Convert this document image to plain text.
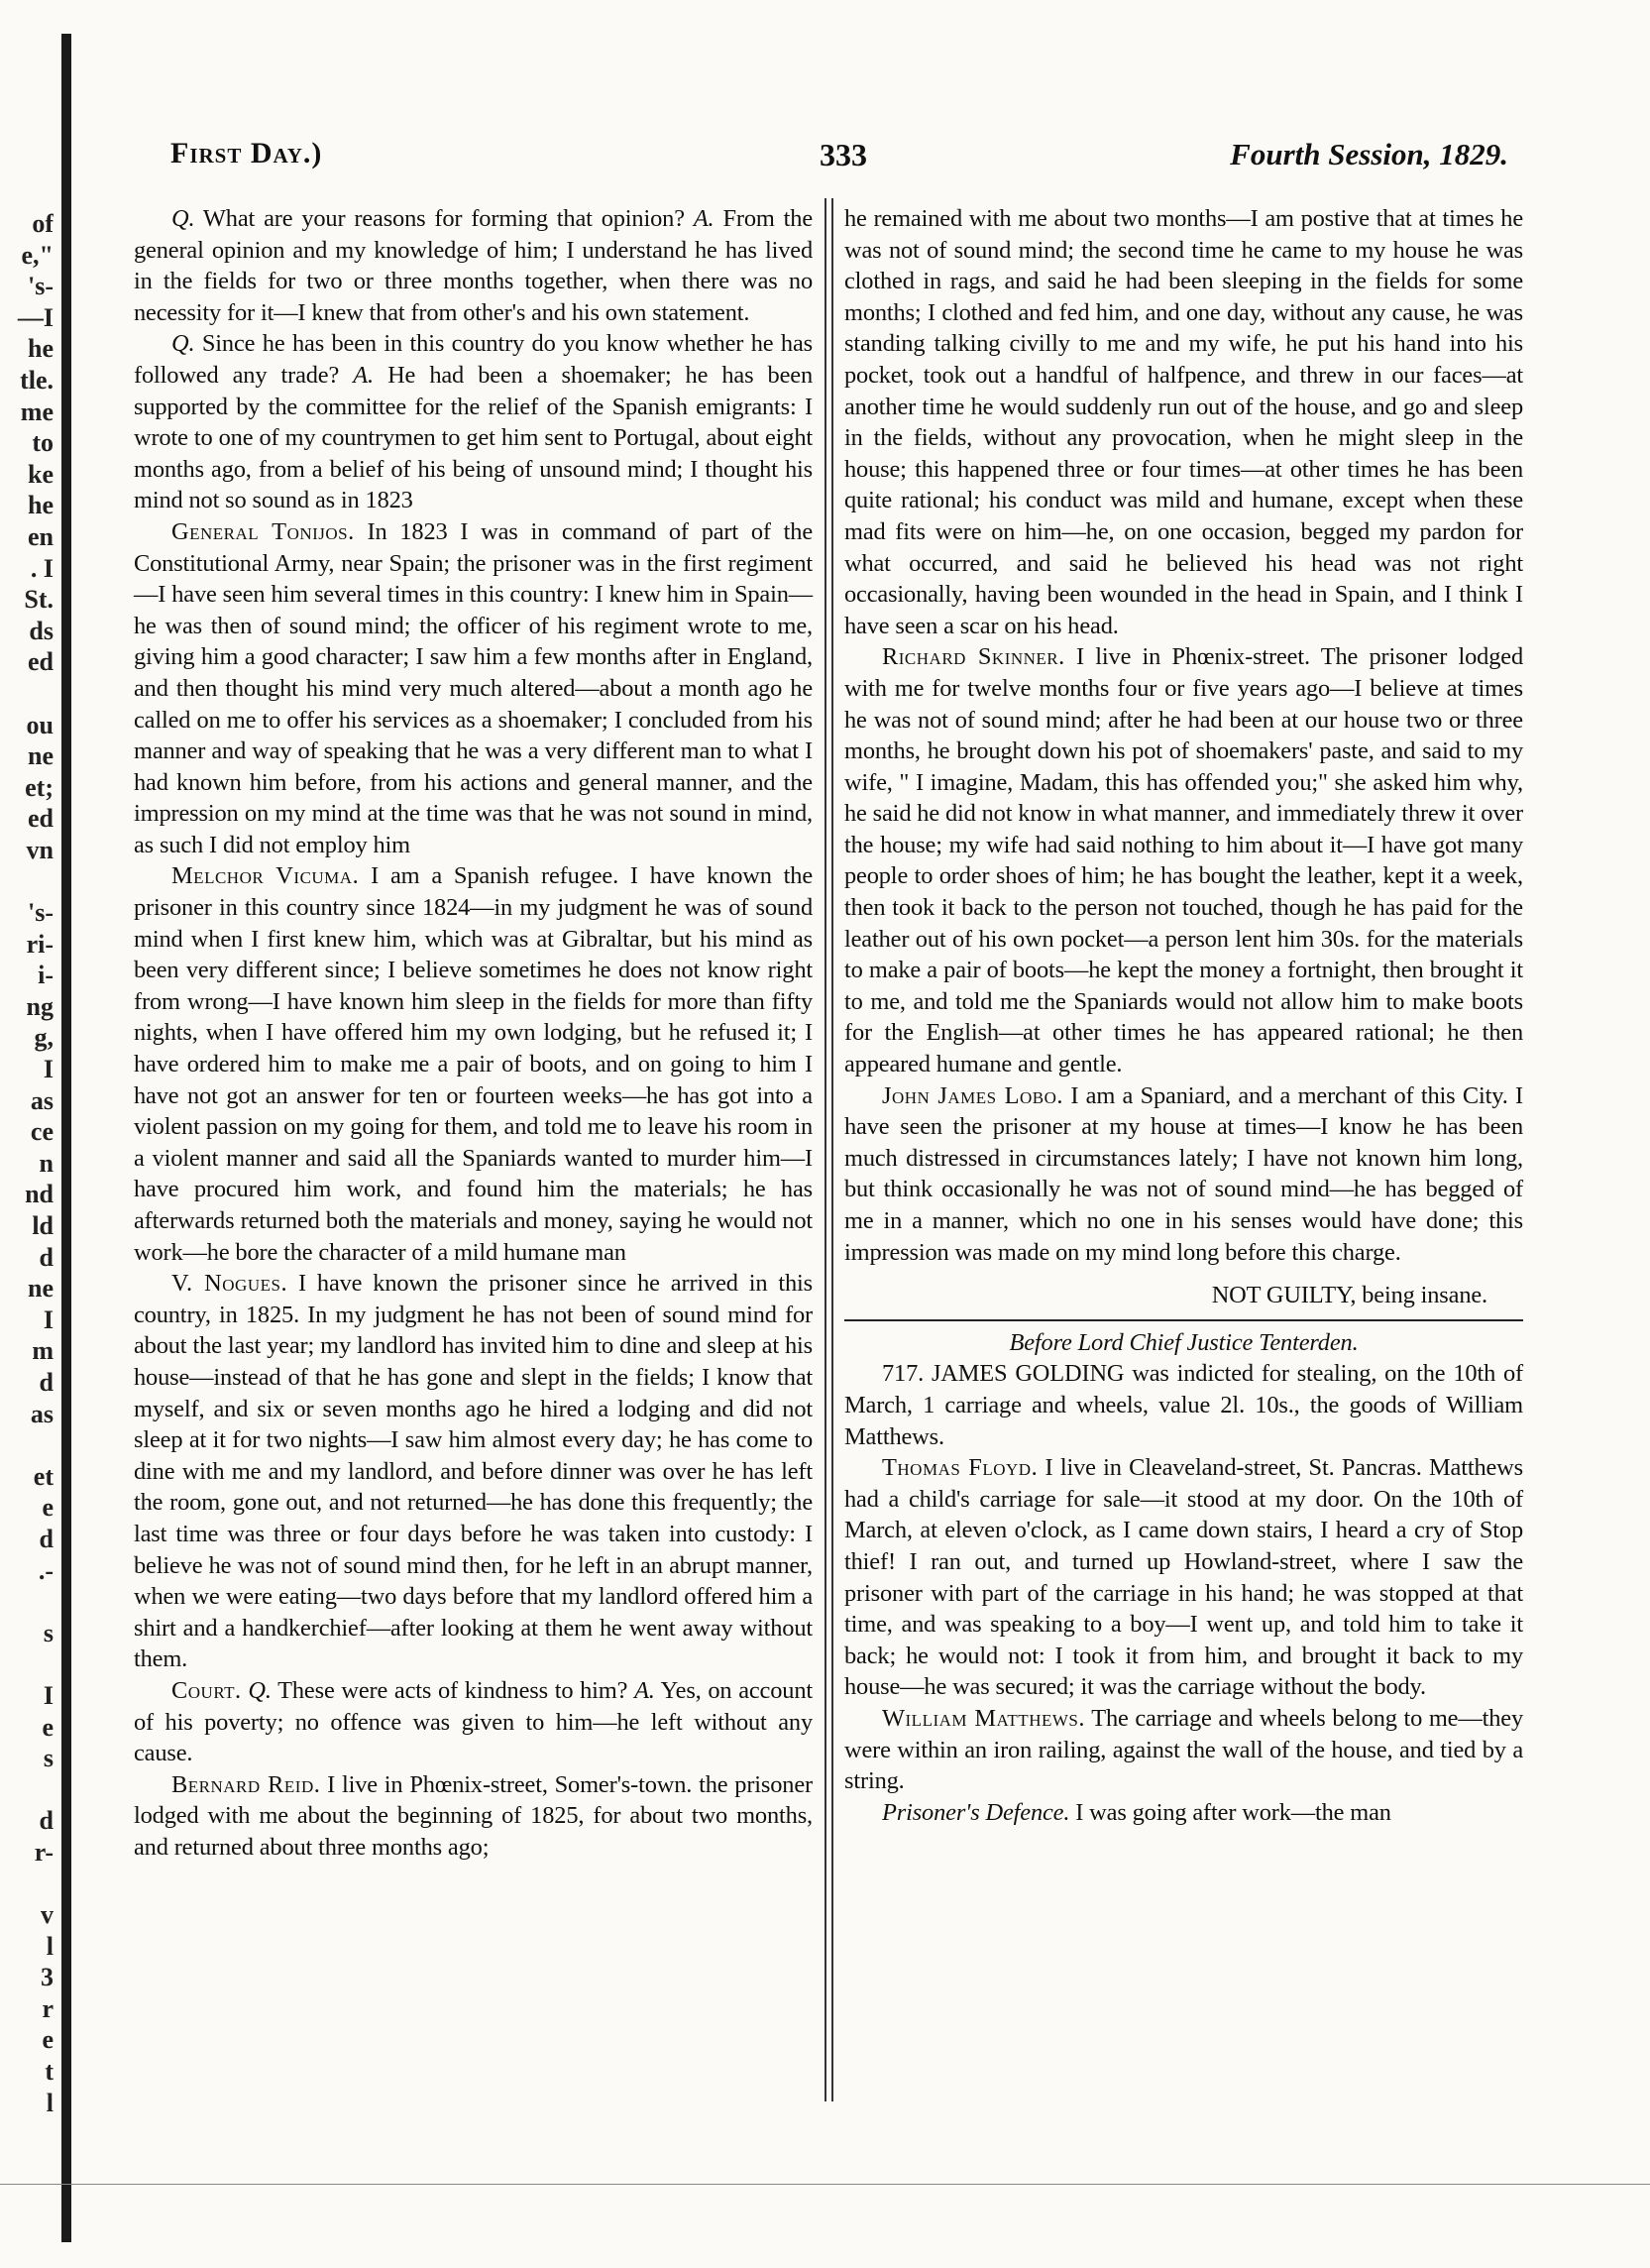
of
e,"
's-
—I
he
tle.
me
to
ke
he
en
. I
St.
ds
ed
ou
ne
et;
ed
vn
's-
ri-
i-
ng
g,
I
as
ce
n
nd
ld
d
ne
I
m
d
as
et
e
d
.-
s
I
e
s
d
r-
v
l
3
r
e
t
l
First Day.)	333	Fourth Session, 1829.

Q. What are your reasons for forming that opinion? A. From the general opinion and my knowledge of him; I understand he has lived in the fields for two or three months together, when there was no necessity for it—I knew that from other's and his own statement.

Q. Since he has been in this country do you know whether he has followed any trade? A. He had been a shoemaker; he has been supported by the committee for the relief of the Spanish emigrants: I wrote to one of my countrymen to get him sent to Portugal, about eight months ago, from a belief of his being of unsound mind; I thought his mind not so sound as in 1823

General Tonijos. In 1823 I was in command of part of the Constitutional Army, near Spain; the prisoner was in the first regiment—I have seen him several times in this country: I knew him in Spain—he was then of sound mind; the officer of his regiment wrote to me, giving him a good character; I saw him a few months after in England, and then thought his mind very much altered—about a month ago he called on me to offer his services as a shoemaker; I concluded from his manner and way of speaking that he was a very different man to what I had known him before, from his actions and general manner, and the impression on my mind at the time was that he was not sound in mind, as such I did not employ him

Melchor Vicuma. I am a Spanish refugee. I have known the prisoner in this country since 1824—in my judgment he was of sound mind when I first knew him, which was at Gibraltar, but his mind as been very different since; I believe sometimes he does not know right from wrong—I have known him sleep in the fields for more than fifty nights, when I have offered him my own lodging, but he refused it; I have ordered him to make me a pair of boots, and on going to him I have not got an answer for ten or fourteen weeks—he has got into a violent passion on my going for them, and told me to leave his room in a violent manner and said all the Spaniards wanted to murder him—I have procured him work, and found him the materials; he has afterwards returned both the materials and money, saying he would not work—he bore the character of a mild humane man

V. Nogues. I have known the prisoner since he arrived in this country, in 1825. In my judgment he has not been of sound mind for about the last year; my landlord has invited him to dine and sleep at his house—instead of that he has gone and slept in the fields; I know that myself, and six or seven months ago he hired a lodging and did not sleep at it for two nights—I saw him almost every day; he has come to dine with me and my landlord, and before dinner was over he has left the room, gone out, and not returned—he has done this frequently; the last time was three or four days before he was taken into custody: I believe he was not of sound mind then, for he left in an abrupt manner, when we were eating—two days before that my landlord offered him a shirt and a handkerchief—after looking at them he went away without them.

Court. Q. These were acts of kindness to him? A. Yes, on account of his poverty; no offence was given to him—he left without any cause.

Bernard Reid. I live in Phœnix-street, Somer's-town. the prisoner lodged with me about the beginning of 1825, for about two months, and returned about three months ago;

he remained with me about two months—I am postive that at times he was not of sound mind; the second time he came to my house he was clothed in rags, and said he had been sleeping in the fields for some months; I clothed and fed him, and one day, without any cause, he was standing talking civilly to me and my wife, he put his hand into his pocket, took out a handful of halfpence, and threw in our faces—at another time he would suddenly run out of the house, and go and sleep in the fields, without any provocation, when he might sleep in the house; this happened three or four times—at other times he has been quite rational; his conduct was mild and humane, except when these mad fits were on him—he, on one occasion, begged my pardon for what occurred, and said he believed his head was not right occasionally, having been wounded in the head in Spain, and I think I have seen a scar on his head.

Richard Skinner. I live in Phœnix-street. The prisoner lodged with me for twelve months four or five years ago—I believe at times he was not of sound mind; after he had been at our house two or three months, he brought down his pot of shoemakers' paste, and said to my wife, " I imagine, Madam, this has offended you;" she asked him why, he said he did not know in what manner, and immediately threw it over the house; my wife had said nothing to him about it—I have got many people to order shoes of him; he has bought the leather, kept it a week, then took it back to the person not touched, though he has paid for the leather out of his own pocket—a person lent him 30s. for the materials to make a pair of boots—he kept the money a fortnight, then brought it to me, and told me the Spaniards would not allow him to make boots for the English—at other times he has appeared rational; he then appeared humane and gentle.

John James Lobo. I am a Spaniard, and a merchant of this City. I have seen the prisoner at my house at times—I know he has been much distressed in circumstances lately; I have not known him long, but think occasionally he was not of sound mind—he has begged of me in a manner, which no one in his senses would have done; this impression was made on my mind long before this charge.

NOT GUILTY, being insane.

Before Lord Chief Justice Tenterden.

717. JAMES GOLDING was indicted for stealing, on the 10th of March, 1 carriage and wheels, value 2l. 10s., the goods of William Matthews.

Thomas Floyd. I live in Cleaveland-street, St. Pancras. Matthews had a child's carriage for sale—it stood at my door. On the 10th of March, at eleven o'clock, as I came down stairs, I heard a cry of Stop thief! I ran out, and turned up Howland-street, where I saw the prisoner with part of the carriage in his hand; he was stopped at that time, and was speaking to a boy—I went up, and told him to take it back; he would not: I took it from him, and brought it back to my house—he was secured; it was the carriage without the body.

William Matthews. The carriage and wheels belong to me—they were within an iron railing, against the wall of the house, and tied by a string.

Prisoner's Defence. I was going after work—the man
